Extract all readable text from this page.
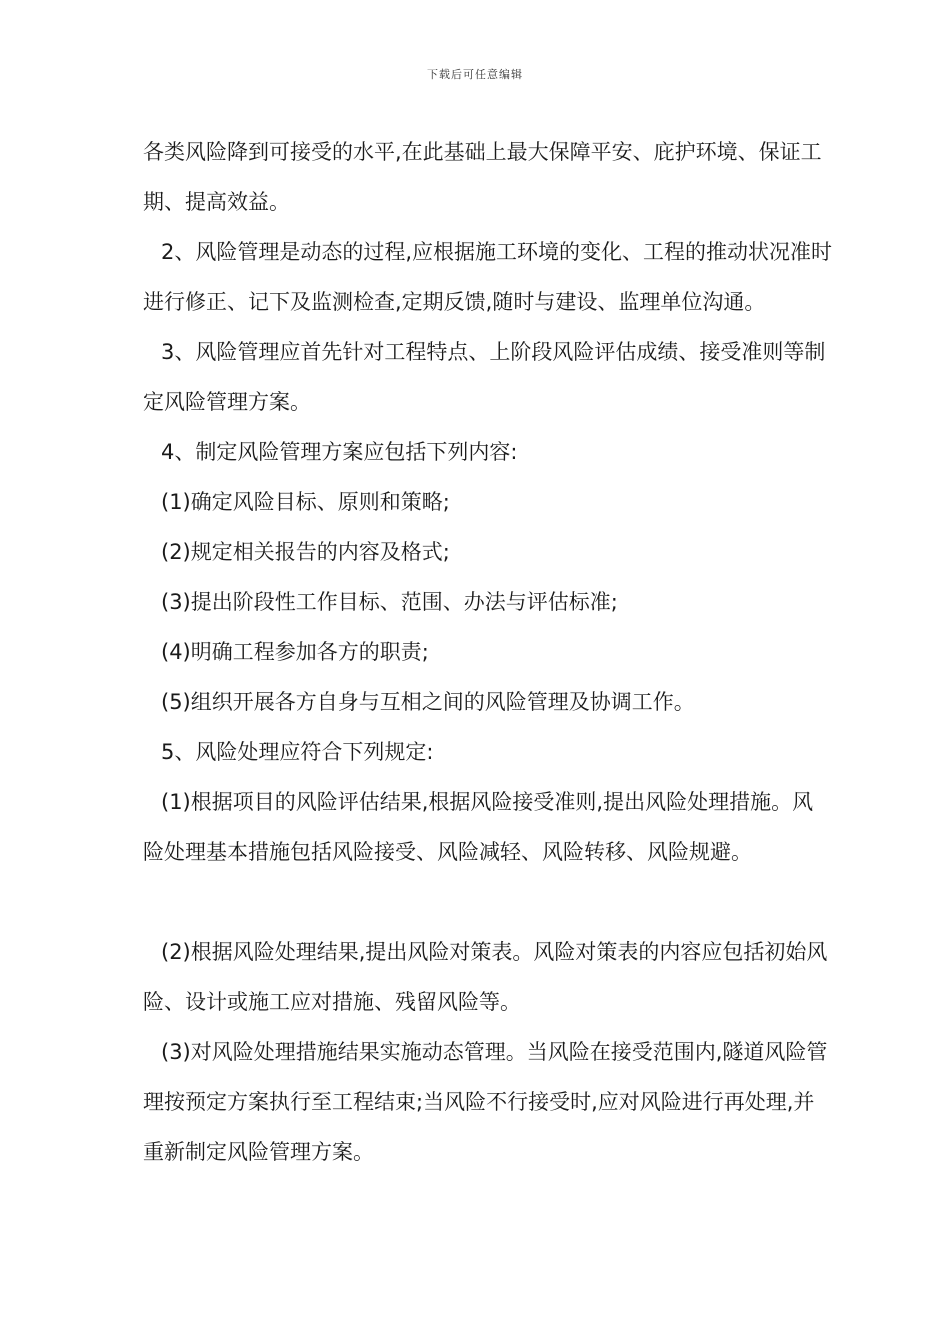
下载后可任意编辑

各类风险降到可接受的水平,在此基础上最大保障平安、庇护环境、保证工期、提高效益。

2、风险管理是动态的过程,应根据施工环境的变化、工程的推动状况准时进行修正、记下及监测检查,定期反馈,随时与建设、监理单位沟通。

3、风险管理应首先针对工程特点、上阶段风险评估成绩、接受准则等制定风险管理方案。

4、制定风险管理方案应包括下列内容:

(1)确定风险目标、原则和策略;

(2)规定相关报告的内容及格式;

(3)提出阶段性工作目标、范围、办法与评估标准;

(4)明确工程参加各方的职责;

(5)组织开展各方自身与互相之间的风险管理及协调工作。

5、风险处理应符合下列规定:

(1)根据项目的风险评估结果,根据风险接受准则,提出风险处理措施。风险处理基本措施包括风险接受、风险减轻、风险转移、风险规避。

(2)根据风险处理结果,提出风险对策表。风险对策表的内容应包括初始风险、设计或施工应对措施、残留风险等。

(3)对风险处理措施结果实施动态管理。当风险在接受范围内,隧道风险管理按预定方案执行至工程结束;当风险不行接受时,应对风险进行再处理,并重新制定风险管理方案。
